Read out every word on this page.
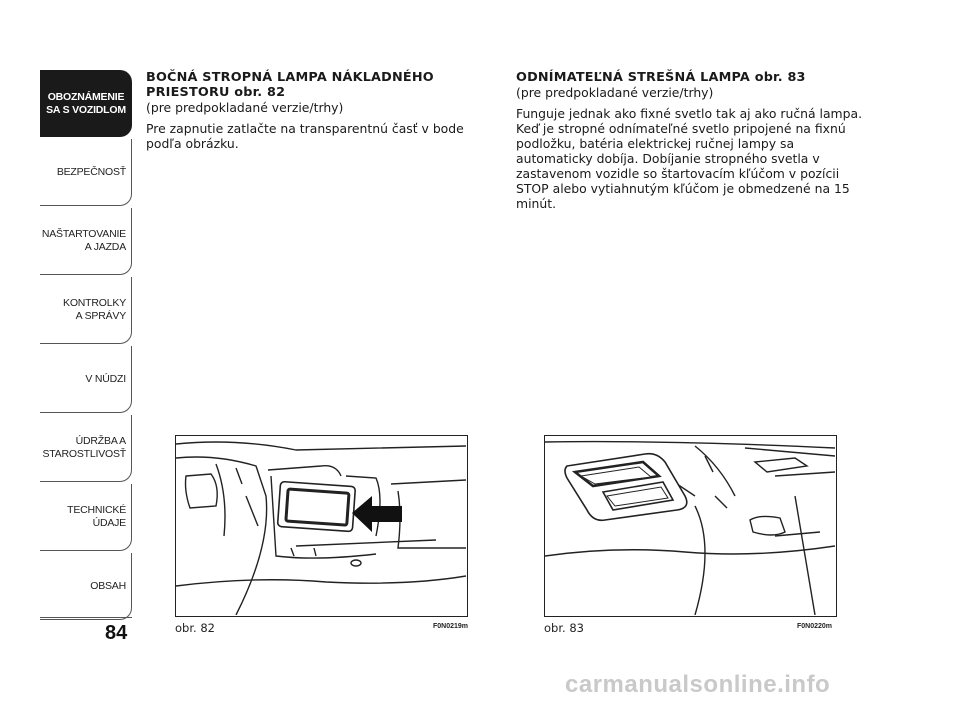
OBOZNÁMENIE
SA S VOZIDLOM
BEZPEČNOSŤ
NAŠTARTOVANIE
A JAZDA
KONTROLKY
A SPRÁVY
V NÚDZI
ÚDRŽBA A
STAROSTLIVOSŤ
TECHNICKÉ
ÚDAJE
OBSAH
84

BOČNÁ STROPNÁ LAMPA NÁKLADNÉHO PRIESTORU obr. 82

(pre predpokladané verzie/trhy)

Pre zapnutie zatlačte na transparentnú časť v bode podľa obrázku.

ODNÍMATEĽNÁ STREŠNÁ LAMPA obr. 83

(pre predpokladané verzie/trhy)

Funguje jednak ako fixné svetlo tak aj ako ručná lampa. Keď je stropné odnímateľné svetlo pripojené na fixnú podložku, batéria elektrickej ručnej lampy sa automaticky dobíja. Dobíjanie stropného svetla v zastavenom vozidle so štartovacím kľúčom v pozícii STOP alebo vytiahnutým kľúčom je obmedzené na 15 minút.

obr. 82	F0N0219m	obr. 83	F0N0220m
carmanualsonline.info
